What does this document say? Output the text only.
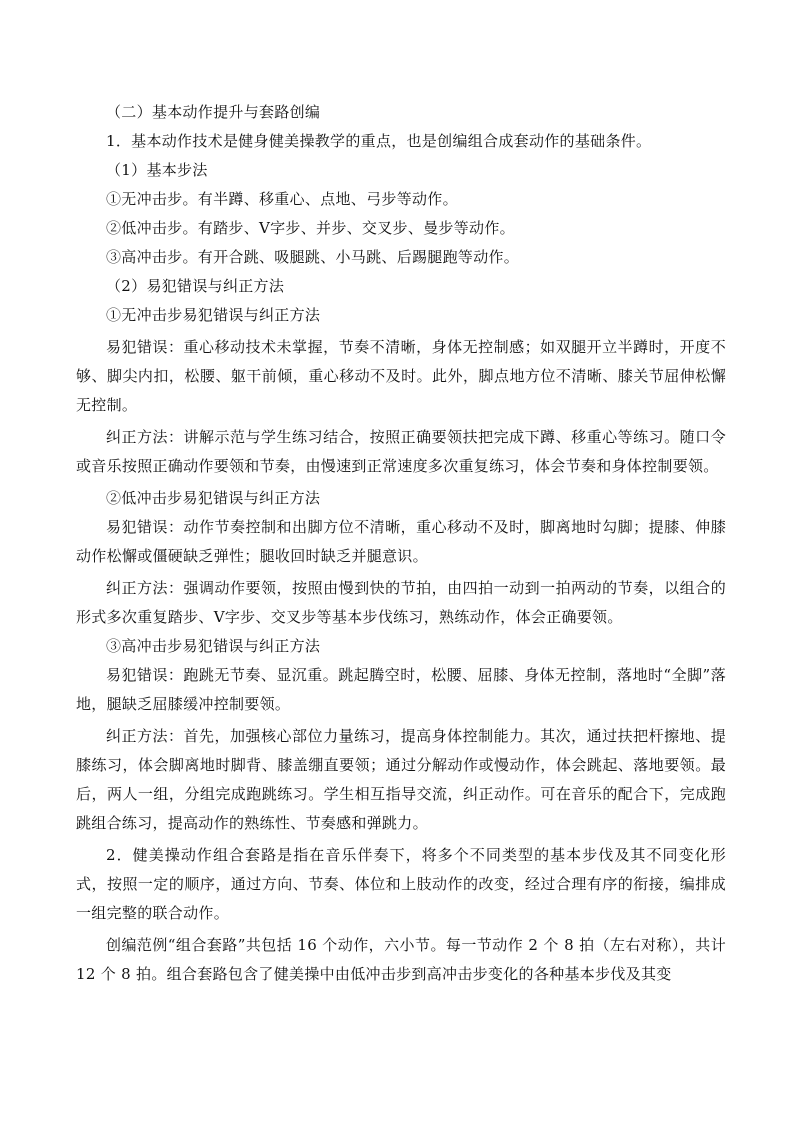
（二）基本动作提升与套路创编

1．基本动作技术是健身健美操教学的重点，也是创编组合成套动作的基础条件。

（1）基本步法

①无冲击步。有半蹲、移重心、点地、弓步等动作。

②低冲击步。有踏步、V字步、并步、交叉步、曼步等动作。

③高冲击步。有开合跳、吸腿跳、小马跳、后踢腿跑等动作。

（2）易犯错误与纠正方法

①无冲击步易犯错误与纠正方法

易犯错误：重心移动技术未掌握，节奏不清晰，身体无控制感；如双腿开立半蹲时，开度不够、脚尖内扣，松腰、躯干前倾，重心移动不及时。此外，脚点地方位不清晰、膝关节屈伸松懈无控制。

纠正方法：讲解示范与学生练习结合，按照正确要领扶把完成下蹲、移重心等练习。随口令或音乐按照正确动作要领和节奏，由慢速到正常速度多次重复练习，体会节奏和身体控制要领。

②低冲击步易犯错误与纠正方法

易犯错误：动作节奏控制和出脚方位不清晰，重心移动不及时，脚离地时勾脚；提膝、伸膝动作松懈或僵硬缺乏弹性；腿收回时缺乏并腿意识。

纠正方法：强调动作要领，按照由慢到快的节拍，由四拍一动到一拍两动的节奏，以组合的形式多次重复踏步、V字步、交叉步等基本步伐练习，熟练动作，体会正确要领。

③高冲击步易犯错误与纠正方法

易犯错误：跑跳无节奏、显沉重。跳起腾空时，松腰、屈膝、身体无控制，落地时“全脚”落地，腿缺乏屈膝缓冲控制要领。

纠正方法：首先，加强核心部位力量练习，提高身体控制能力。其次，通过扶把杆擦地、提膝练习，体会脚离地时脚背、膝盖绷直要领；通过分解动作或慢动作，体会跳起、落地要领。最后，两人一组，分组完成跑跳练习。学生相互指导交流，纠正动作。可在音乐的配合下，完成跑跳组合练习，提高动作的熟练性、节奏感和弹跳力。

2．健美操动作组合套路是指在音乐伴奏下，将多个不同类型的基本步伐及其不同变化形式，按照一定的顺序，通过方向、节奏、体位和上肢动作的改变，经过合理有序的衔接，编排成一组完整的联合动作。

创编范例“组合套路”共包括 16 个动作，六小节。每一节动作 2 个 8 拍（左右对称），共计 12 个 8 拍。组合套路包含了健美操中由低冲击步到高冲击步变化的各种基本步伐及其变
